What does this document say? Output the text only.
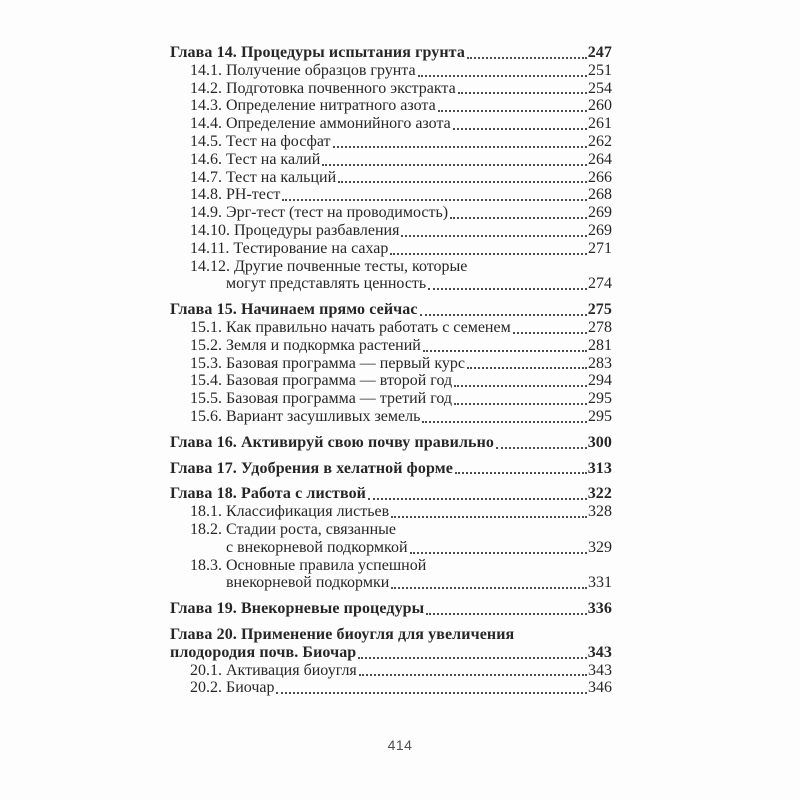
Глава 14. Процедуры испытания грунта	247
14.1. Получение образцов грунта	251
14.2. Подготовка почвенного экстракта	254
14.3. Определение нитратного азота	260
14.4. Определение аммонийного азота	261
14.5. Тест на фосфат	262
14.6. Тест на калий	264
14.7. Тест на кальций	266
14.8. РН-тест	268
14.9. Эрг-тест (тест на проводимость)	269
14.10. Процедуры разбавления	269
14.11. Тестирование на сахар	271
14.12. Другие почвенные тесты, которые
могут представлять ценность	274
Глава 15. Начинаем прямо сейчас	275
15.1. Как правильно начать работать с семенем	278
15.2. Земля и подкормка растений	281
15.3. Базовая программа — первый курс	283
15.4. Базовая программа — второй год	294
15.5. Базовая программа — третий год	295
15.6. Вариант засушливых земель	295
Глава 16. Активируй свою почву правильно	300
Глава 17. Удобрения в хелатной форме	313
Глава 18. Работа с листвой	322
18.1. Классификация листьев	328
18.2. Стадии роста, связанные
с внекорневой подкормкой	329
18.3. Основные правила успешной
внекорневой подкормки	331
Глава 19. Внекорневые процедуры	336
Глава 20. Применение биоугля для увеличения
плодородия почв. Биочар	343
20.1. Активация биоугля	343
20.2. Биочар	346
414
